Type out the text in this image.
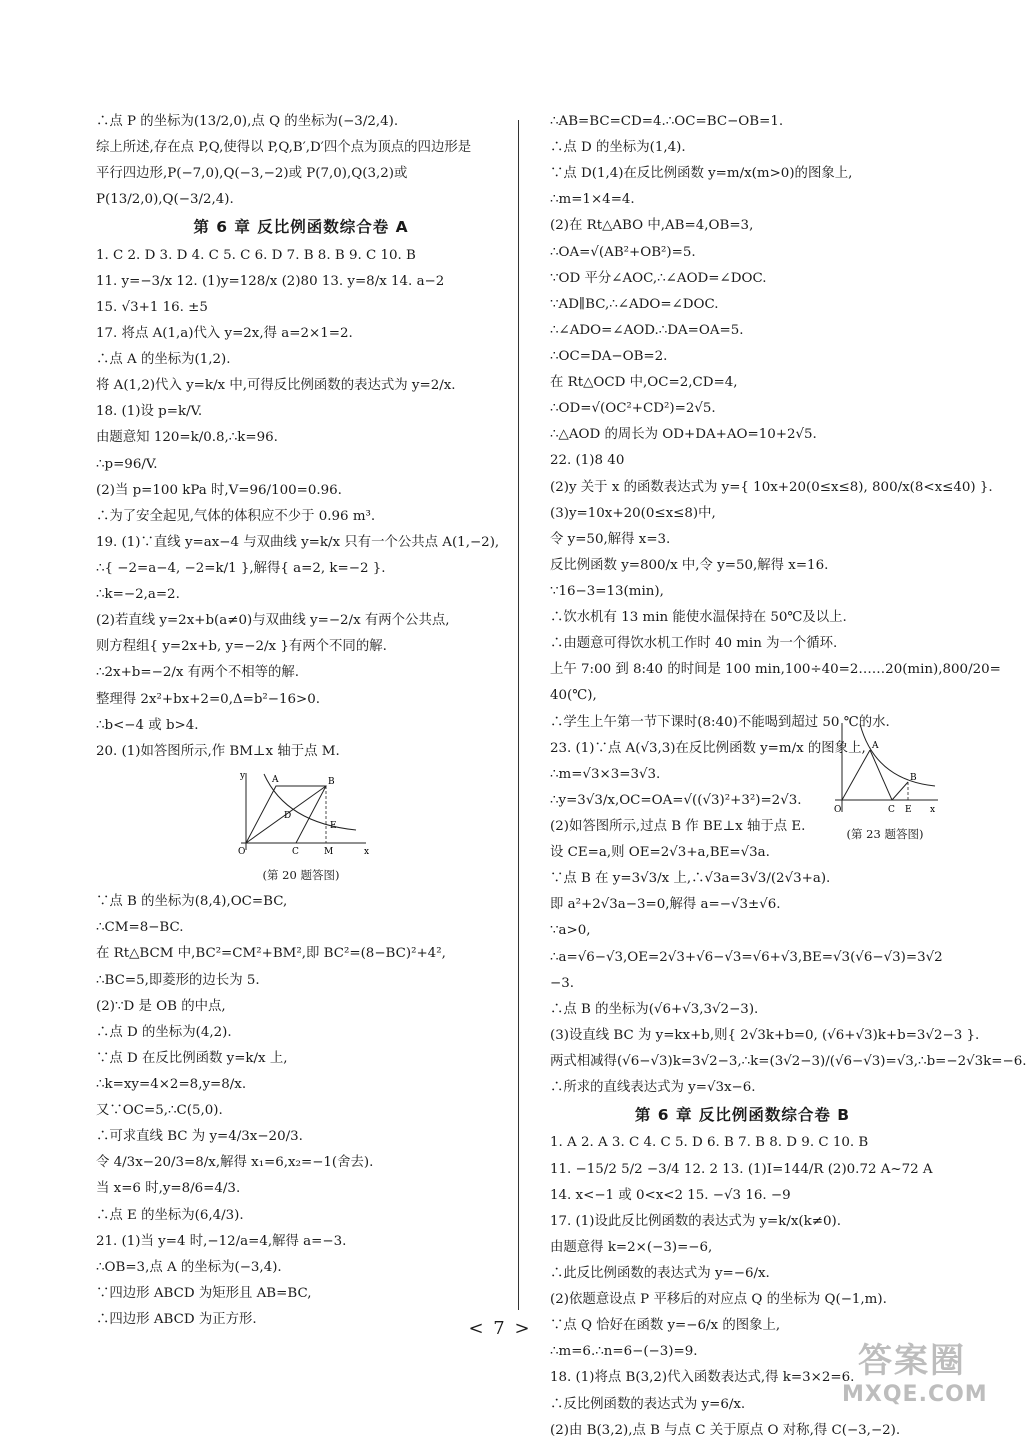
∴点 P 的坐标为(13/2,0),点 Q 的坐标为(−3/2,4).
综上所述,存在点 P,Q,使得以 P,Q,B′,D′四个点为顶点的四边形是
平行四边形,P(−7,0),Q(−3,−2)或 P(7,0),Q(3,2)或
P(13/2,0),Q(−3/2,4).
第 6 章 反比例函数综合卷 A
1. C 2. D 3. D 4. C 5. C 6. D 7. B 8. B 9. C 10. B
11. y=−3/x 12. (1)y=128/x (2)80 13. y=8/x 14. a−2
15. √3+1 16. ±5
17. 将点 A(1,a)代入 y=2x,得 a=2×1=2.
∴点 A 的坐标为(1,2).
将 A(1,2)代入 y=k/x 中,可得反比例函数的表达式为 y=2/x.
18. (1)设 p=k/V.
由题意知 120=k/0.8,∴k=96.
∴p=96/V.
(2)当 p=100 kPa 时,V=96/100=0.96.
∴为了安全起见,气体的体积应不少于 0.96 m³.
19. (1)∵直线 y=ax−4 与双曲线 y=k/x 只有一个公共点 A(1,−2),
∴{ −2=a−4, −2=k/1 },解得{ a=2, k=−2 }.
∴k=−2,a=2.
(2)若直线 y=2x+b(a≠0)与双曲线 y=−2/x 有两个公共点,
则方程组{ y=2x+b, y=−2/x }有两个不同的解.
∴2x+b=−2/x 有两个不相等的解.
整理得 2x²+bx+2=0,Δ=b²−16>0.
∴b<−4 或 b>4.
20. (1)如答图所示,作 BM⊥x 轴于点 M.
O
A	B
C	M
D
E
y
x
(第 20 题答图)
∵点 B 的坐标为(8,4),OC=BC,
∴CM=8−BC.
在 Rt△BCM 中,BC²=CM²+BM²,即 BC²=(8−BC)²+4²,
∴BC=5,即菱形的边长为 5.
(2)∵D 是 OB 的中点,
∴点 D 的坐标为(4,2).
∵点 D 在反比例函数 y=k/x 上,
∴k=xy=4×2=8,y=8/x.
又∵OC=5,∴C(5,0).
∴可求直线 BC 为 y=4/3x−20/3.
令 4/3x−20/3=8/x,解得 x₁=6,x₂=−1(舍去).
当 x=6 时,y=8/6=4/3.
∴点 E 的坐标为(6,4/3).
21. (1)当 y=4 时,−12/a=4,解得 a=−3.
∴OB=3,点 A 的坐标为(−3,4).
∵四边形 ABCD 为矩形且 AB=BC,
∴四边形 ABCD 为正方形.
∴AB=BC=CD=4.∴OC=BC−OB=1.
∴点 D 的坐标为(1,4).
∵点 D(1,4)在反比例函数 y=m/x(m>0)的图象上,
∴m=1×4=4.
(2)在 Rt△ABO 中,AB=4,OB=3,
∴OA=√(AB²+OB²)=5.
∵OD 平分∠AOC,∴∠AOD=∠DOC.
∵AD∥BC,∴∠ADO=∠DOC.
∴∠ADO=∠AOD.∴DA=OA=5.
∴OC=DA−OB=2.
在 Rt△OCD 中,OC=2,CD=4,
∴OD=√(OC²+CD²)=2√5.
∴△AOD 的周长为 OD+DA+AO=10+2√5.
22. (1)8 40
(2)y 关于 x 的函数表达式为 y={ 10x+20(0≤x≤8), 800/x(8<x≤40) }.
(3)y=10x+20(0≤x≤8)中,
令 y=50,解得 x=3.
反比例函数 y=800/x 中,令 y=50,解得 x=16.
∵16−3=13(min),
∴饮水机有 13 min 能使水温保持在 50℃及以上.
∴由题意可得饮水机工作时 40 min 为一个循环.
上午 7:00 到 8:40 的时间是 100 min,100÷40=2……20(min),800/20=
40(℃),
∴学生上午第一节下课时(8:40)不能喝到超过 50 ℃的水.
23. (1)∵点 A(√3,3)在反比例函数 y=m/x 的图象上,
∴m=√3×3=3√3.
∴y=3√3/x,OC=OA=√((√3)²+3²)=2√3.
(2)如答图所示,过点 B 作 BE⊥x 轴于点 E.
设 CE=a,则 OE=2√3+a,BE=√3a.
∵点 B 在 y=3√3/x 上,∴√3a=3√3/(2√3+a).
即 a²+2√3a−3=0,解得 a=−√3±√6.
∵a>0,
∴a=√6−√3,OE=2√3+√6−√3=√6+√3,BE=√3(√6−√3)=3√2
−3.
∴点 B 的坐标为(√6+√3,3√2−3).
(3)设直线 BC 为 y=kx+b,则{ 2√3k+b=0, (√6+√3)k+b=3√2−3 }.
两式相减得(√6−√3)k=3√2−3,∴k=(3√2−3)/(√6−√3)=√3,∴b=−2√3k=−6.
∴所求的直线表达式为 y=√3x−6.
第 6 章 反比例函数综合卷 B
1. A 2. A 3. C 4. C 5. D 6. B 7. B 8. D 9. C 10. B
11. −15/2 5/2 −3/4 12. 2 13. (1)I=144/R (2)0.72 A~72 A
14. x<−1 或 0<x<2 15. −√3 16. −9
17. (1)设此反比例函数的表达式为 y=k/x(k≠0).
由题意得 k=2×(−3)=−6,
∴此反比例函数的表达式为 y=−6/x.
(2)依题意设点 P 平移后的对应点 Q 的坐标为 Q(−1,m).
∵点 Q 恰好在函数 y=−6/x 的图象上,
∴m=6.∴n=6−(−3)=9.
18. (1)将点 B(3,2)代入函数表达式,得 k=3×2=6.
∴反比例函数的表达式为 y=6/x.
(2)由 B(3,2),点 B 与点 C 关于原点 O 对称,得 C(−3,−2).
O
A
B
C E x
(第 23 题答图)
< 7 >
答案圈
MXQE.COM
